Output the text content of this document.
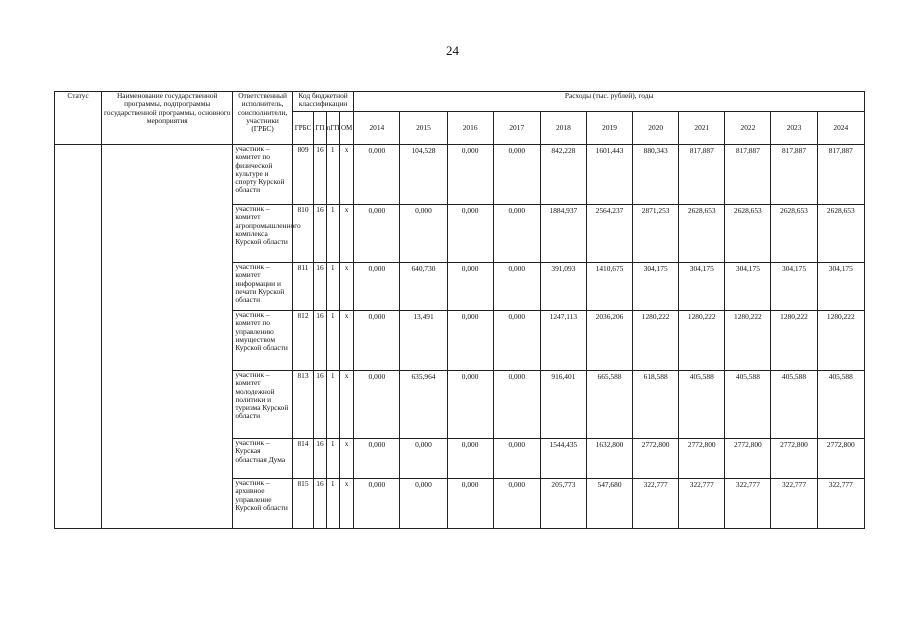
24
Статус	Наименование государственной программы, подпрограммы государственной программы, основного мероприятия	Ответственный исполнитель, соисполнители, участники (ГРБС)	Код бюджетной классификации				Расходы (тыс. рублей), годы										
			ГРБС	ГП	пГП	ОМ	2014	2015	2016	2017	2018	2019	2020	2021	2022	2023	2024
		участник – комитет по физической культуре и спорту Курской области	809	16	1	х	0,000	104,528	0,000	0,000	842,228	1601,443	880,343	817,887	817,887	817,887	817,887
		участник – комитет агропромышленного комплекса Курской области	810	16	1	х	0,000	0,000	0,000	0,000	1884,937	2564,237	2871,253	2628,653	2628,653	2628,653	2628,653
		участник – комитет информации и печати Курской области	811	16	1	х	0,000	640,730	0,000	0,000	391,093	1410,675	304,175	304,175	304,175	304,175	304,175
		участник – комитет по управлению имуществом Курской области	812	16	1	х	0,000	13,491	0,000	0,000	1247,113	2036,206	1280,222	1280,222	1280,222	1280,222	1280,222
		участник – комитет молодежной политики и туризма Курской области	813	16	1	х	0,000	635,964	0,000	0,000	916,401	665,588	618,588	405,588	405,588	405,588	405,588
		участник – Курская областная Дума	814	16	1	х	0,000	0,000	0,000	0,000	1544,435	1632,800	2772,800	2772,800	2772,800	2772,800	2772,800
		участник – архивное управление Курской области	815	16	1	х	0,000	0,000	0,000	0,000	205,773	547,680	322,777	322,777	322,777	322,777	322,777
